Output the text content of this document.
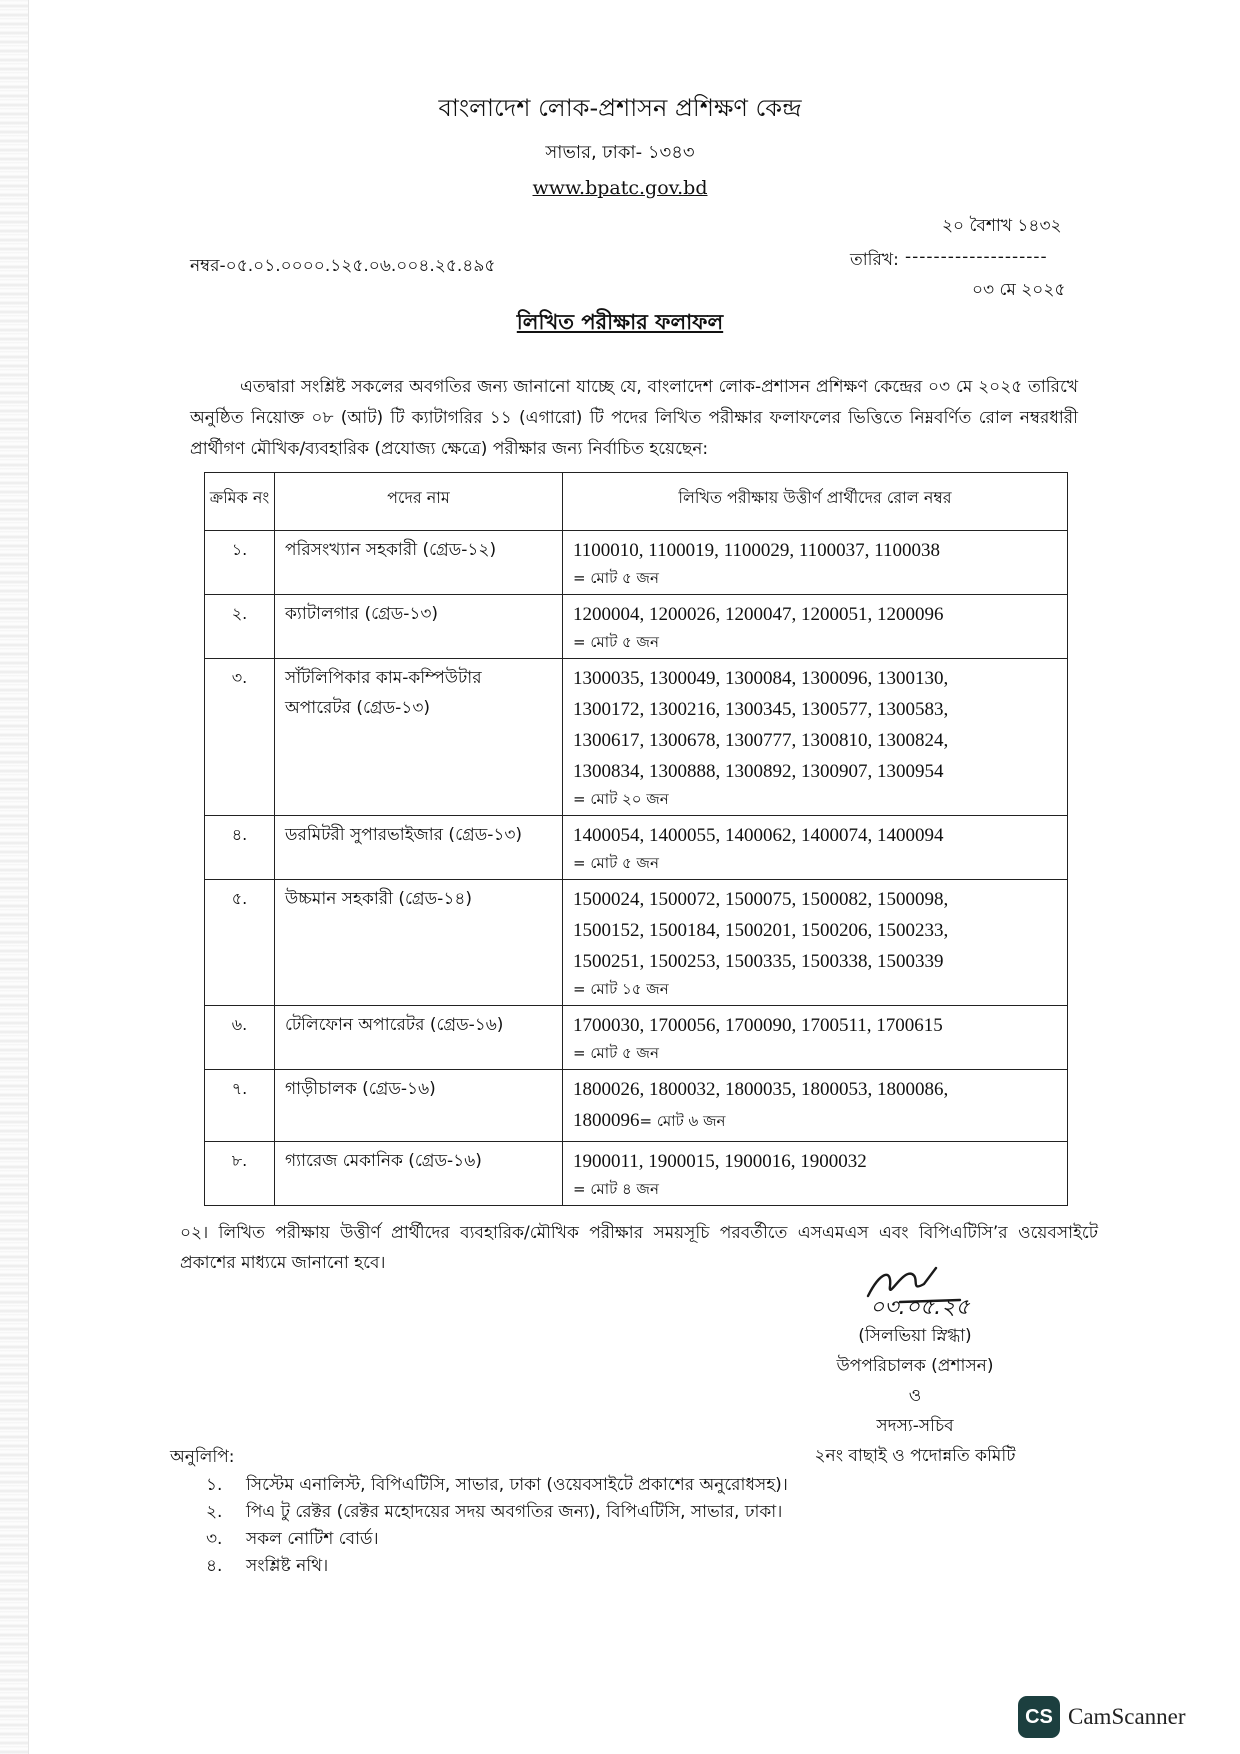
বাংলাদেশ লোক-প্রশাসন প্রশিক্ষণ কেন্দ্র
সাভার, ঢাকা- ১৩৪৩
www.bpatc.gov.bd
২০ বৈশাখ ১৪৩২
নম্বর-০৫.০১.০০০০.১২৫.০৬.০০৪.২৫.৪৯৫	তারিখ: --------------------
০৩ মে ২০২৫
লিখিত পরীক্ষার ফলাফল
এতদ্বারা সংশ্লিষ্ট সকলের অবগতির জন্য জানানো যাচ্ছে যে, বাংলাদেশ লোক-প্রশাসন প্রশিক্ষণ কেন্দ্রের ০৩ মে ২০২৫ তারিখে অনুষ্ঠিত নিয়োক্ত ০৮ (আট) টি ক্যাটাগরির ১১ (এগারো) টি পদের লিখিত পরীক্ষার ফলাফলের ভিত্তিতে নিম্নবর্ণিত রোল নম্বরধারী প্রার্থীগণ মৌখিক/ব্যবহারিক (প্রযোজ্য ক্ষেত্রে) পরীক্ষার জন্য নির্বাচিত হয়েছেন:
ক্রমিক নং	পদের নাম	লিখিত পরীক্ষায় উত্তীর্ণ প্রার্থীদের রোল নম্বর
১.	পরিসংখ্যান সহকারী (গ্রেড-১২)	1100010, 1100019, 1100029, 1100037, 1100038
= মোট ৫ জন

২.	ক্যাটালগার (গ্রেড-১৩)	1200004, 1200026, 1200047, 1200051, 1200096
= মোট ৫ জন

৩.	সাঁটলিপিকার কাম-কম্পিউটার অপারেটর (গ্রেড-১৩)	1300035, 1300049, 1300084, 1300096, 1300130,
1300172, 1300216, 1300345, 1300577, 1300583,
1300617, 1300678, 1300777, 1300810, 1300824,
1300834, 1300888, 1300892, 1300907, 1300954
= মোট ২০ জন

৪.	ডরমিটরী সুপারভাইজার (গ্রেড-১৩)	1400054, 1400055, 1400062, 1400074, 1400094
= মোট ৫ জন

৫.	উচ্চমান সহকারী (গ্রেড-১৪)	1500024, 1500072, 1500075, 1500082, 1500098,
1500152, 1500184, 1500201, 1500206, 1500233,
1500251, 1500253, 1500335, 1500338, 1500339
= মোট ১৫ জন

৬.	টেলিফোন অপারেটর (গ্রেড-১৬)	1700030, 1700056, 1700090, 1700511, 1700615
= মোট ৫ জন

৭.	গাড়ীচালক (গ্রেড-১৬)	1800026, 1800032, 1800035, 1800053, 1800086,
1800096= মোট ৬ জন

৮.	গ্যারেজ মেকানিক (গ্রেড-১৬)	1900011, 1900015, 1900016, 1900032
= মোট ৪ জন
০২। লিখিত পরীক্ষায় উত্তীর্ণ প্রার্থীদের ব্যবহারিক/মৌখিক পরীক্ষার সময়সূচি পরবর্তীতে এসএমএস এবং বিপিএটিসি’র ওয়েবসাইটে প্রকাশের মাধ্যমে জানানো হবে।
০৩.০৫.২৫
(সিলভিয়া স্নিগ্ধা)
উপপরিচালক (প্রশাসন)
ও
সদস্য-সচিব
২নং বাছাই ও পদোন্নতি কমিটি
অনুলিপি:
১. সিস্টেম এনালিস্ট, বিপিএটিসি, সাভার, ঢাকা (ওয়েবসাইটে প্রকাশের অনুরোধসহ)।
২. পিএ টু রেক্টর (রেক্টর মহোদয়ের সদয় অবগতির জন্য), বিপিএটিসি, সাভার, ঢাকা।
৩. সকল নোটিশ বোর্ড।
৪. সংশ্লিষ্ট নথি।
CS CamScanner
